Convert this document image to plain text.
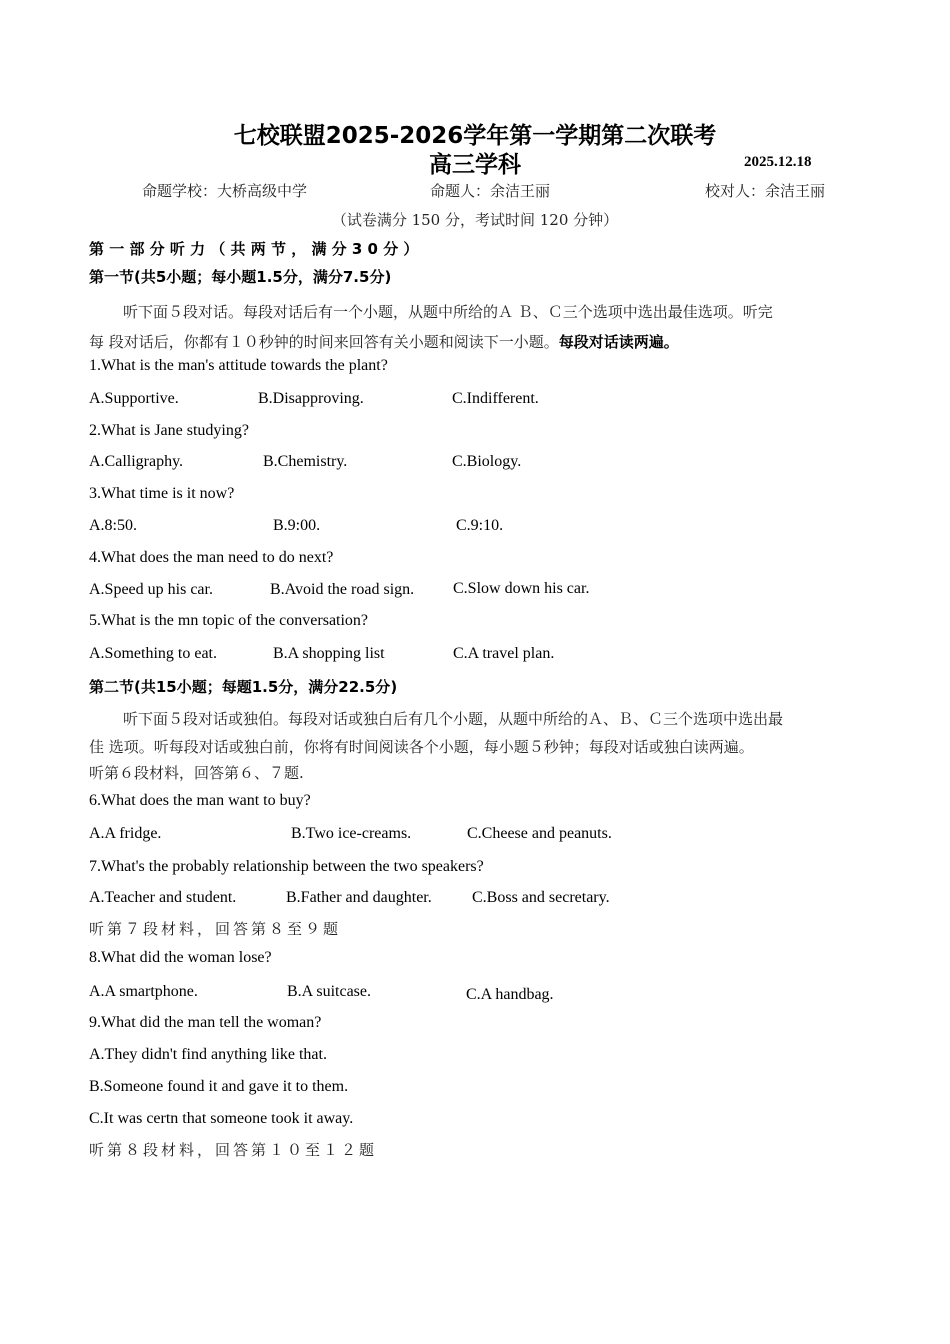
七校联盟2025-2026学年第一学期第二次联考
高三学科	2025.12.18
命题学校：大桥高级中学	命题人：余洁王丽	校对人：余洁王丽
（试卷满分 150 分，考试时间 120 分钟）
第 一 部 分 听 力 （ 共 两 节 ， 满 分 3 0 分 ）
第一节(共5小题；每小题1.5分，满分7.5分)
听下面５段对话。每段对话后有一个小题，从题中所给的Ａ Ｂ、Ｃ三个选项中选出最佳选项。听完
每 段对话后，你都有１０秒钟的时间来回答有关小题和阅读下一小题。每段对话读两遍。
1.What is the man's attitude towards the plant?
A.Supportive.	B.Disapproving.	C.Indifferent.
2.What is Jane studying?
A.Calligraphy.	B.Chemistry.	C.Biology.
3.What time is it now?
A.8:50.	B.9:00.	C.9:10.
4.What does the man need to do next?
A.Speed up his car.	B.Avoid the road sign. C.Slow down his car.
5.What is the mn topic of the conversation?
A.Something to eat.	B.A shopping list	C.A travel plan.
第二节(共15小题；每题1.5分，满分22.5分)
听下面５段对话或独伯。每段对话或独白后有几个小题，从题中所给的Ａ、Ｂ、Ｃ三个选项中选出最
佳 选项。听每段对话或独白前，你将有时间阅读各个小题，每小题５秒钟；每段对话或独白读两遍。
听第６段材料，回答第６、７题.
6.What does the man want to buy?
A.A fridge.	B.Two ice-creams.	C.Cheese and peanuts.
7.What's the probably relationship between the two speakers?
A.Teacher and student.	B.Father and daughter.	C.Boss and secretary.
听第７段材料，回答第８至９题
8.What did the woman lose?
A.A smartphone.	B.A suitcase.	C.A handbag.
9.What did the man tell the woman?
A.They didn't find anything like that.
B.Someone found it and gave it to them.
C.It was certn that someone took it away.
听第８段材料，回答第１０至１２题
